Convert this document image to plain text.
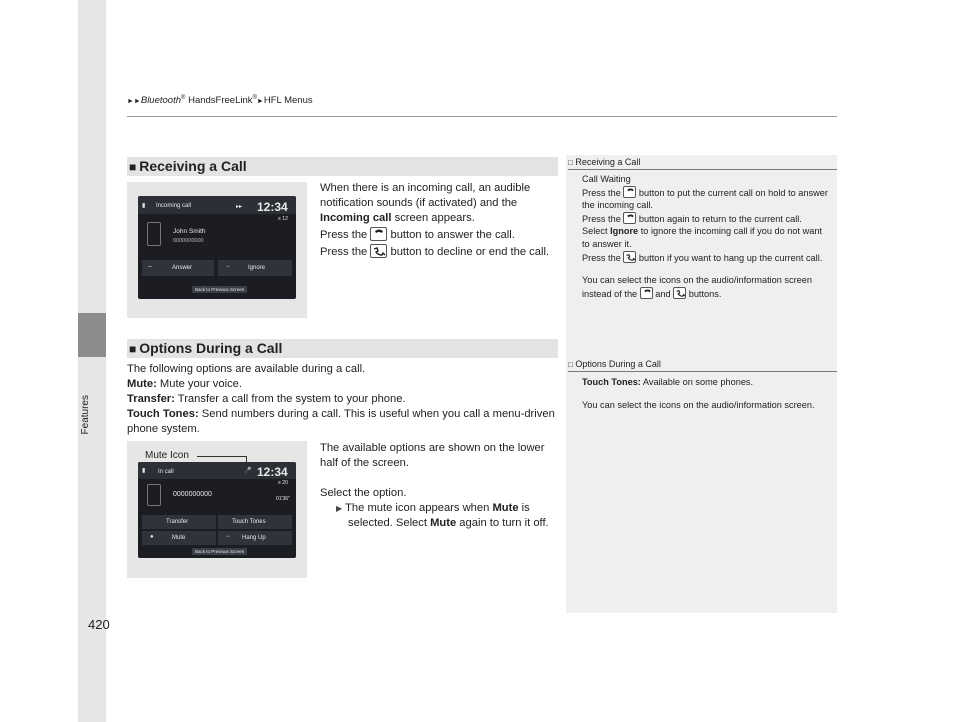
Features
420
►►Bluetooth® HandsFreeLink®►HFL Menus
■ Receiving a Call
▮ Incoming call	▸▸ 12:34
≡ 12
John Smith
0000000000
⌣	Answer	−	Ignore
Back to Previous Screen
When there is an incoming call, an audible notification sounds (if activated) and the Incoming call screen appears.
Press the
button to answer the call.
Press the
button to decline or end the call.
■ Options During a Call
The following options are available during a call.
Mute: Mute your voice.
Transfer: Transfer a call from the system to your phone.
Touch Tones: Send numbers during a call. This is useful when you call a menu-driven phone system.
Mute Icon
▮ In call	🎤 12:34
≡ 20
0000000000
01'36"
Transfer	Touch Tones
●	Mute	− Hang Up
Back to Previous Screen
The available options are shown on the lower half of the screen.
Select the option.
▶ The mute icon appears when Mute is selected. Select Mute again to turn it off.
□ Receiving a Call
Call Waiting
Press the
button to put the current call on hold to answer the incoming call.
Press the
button again to return to the current call.
Select Ignore to ignore the incoming call if you do not want to answer it.
Press the
button if you want to hang up the current call.
You can select the icons on the audio/information screen instead of the
and
buttons.
□ Options During a Call
Touch Tones: Available on some phones.
You can select the icons on the audio/information screen.
